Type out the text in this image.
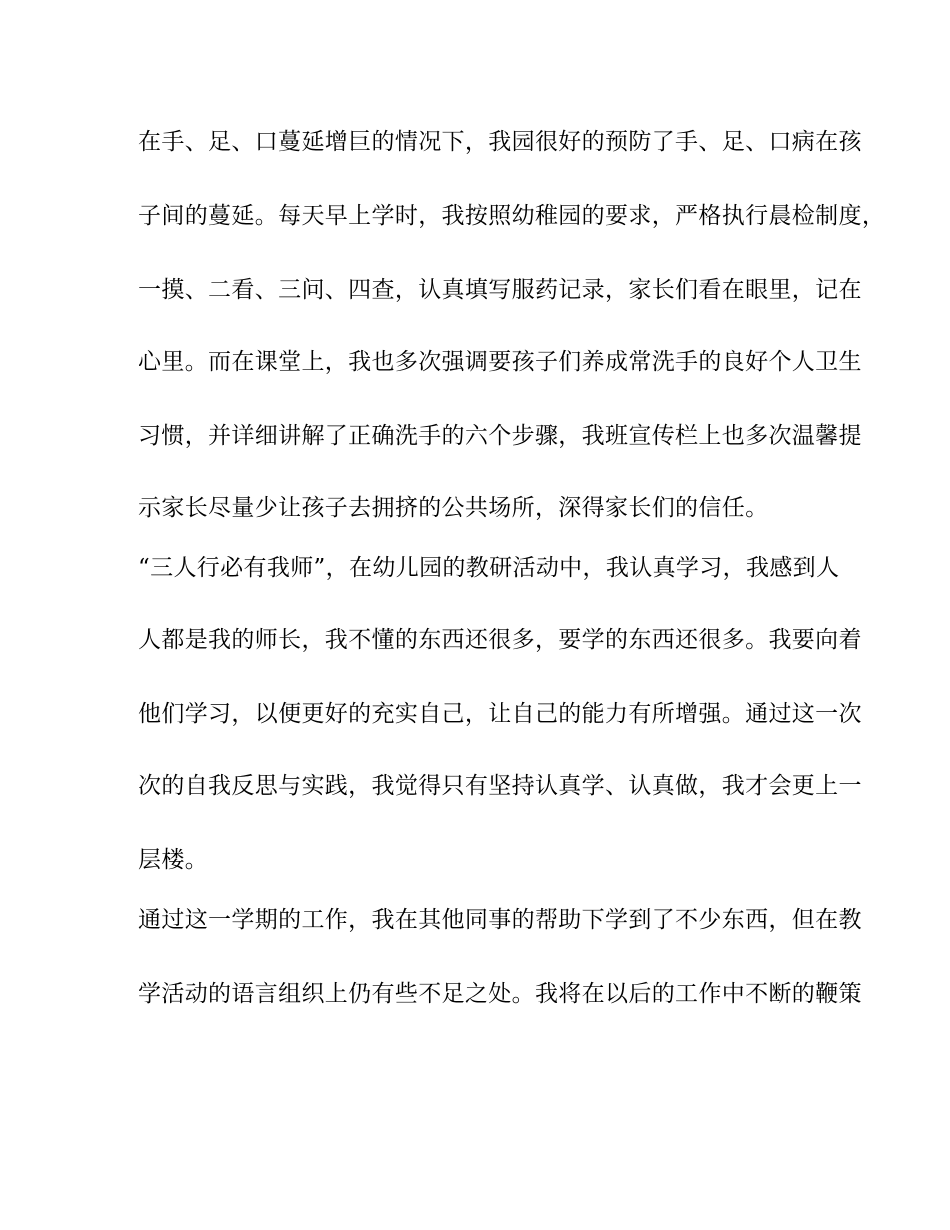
在手、足、口蔓延增巨的情况下，我园很好的预防了手、足、口病在孩
子间的蔓延。每天早上学时，我按照幼稚园的要求，严格执行晨检制度，
一摸、二看、三问、四查，认真填写服药记录，家长们看在眼里，记在
心里。而在课堂上，我也多次强调要孩子们养成常洗手的良好个人卫生
习惯，并详细讲解了正确洗手的六个步骤，我班宣传栏上也多次温馨提
示家长尽量少让孩子去拥挤的公共场所，深得家长们的信任。
“三人行必有我师”，在幼儿园的教研活动中，我认真学习，我感到人
人都是我的师长，我不懂的东西还很多，要学的东西还很多。我要向着
他们学习，以便更好的充实自己，让自己的能力有所增强。通过这一次
次的自我反思与实践，我觉得只有坚持认真学、认真做，我才会更上一
层楼。
通过这一学期的工作，我在其他同事的帮助下学到了不少东西，但在教
学活动的语言组织上仍有些不足之处。我将在以后的工作中不断的鞭策
